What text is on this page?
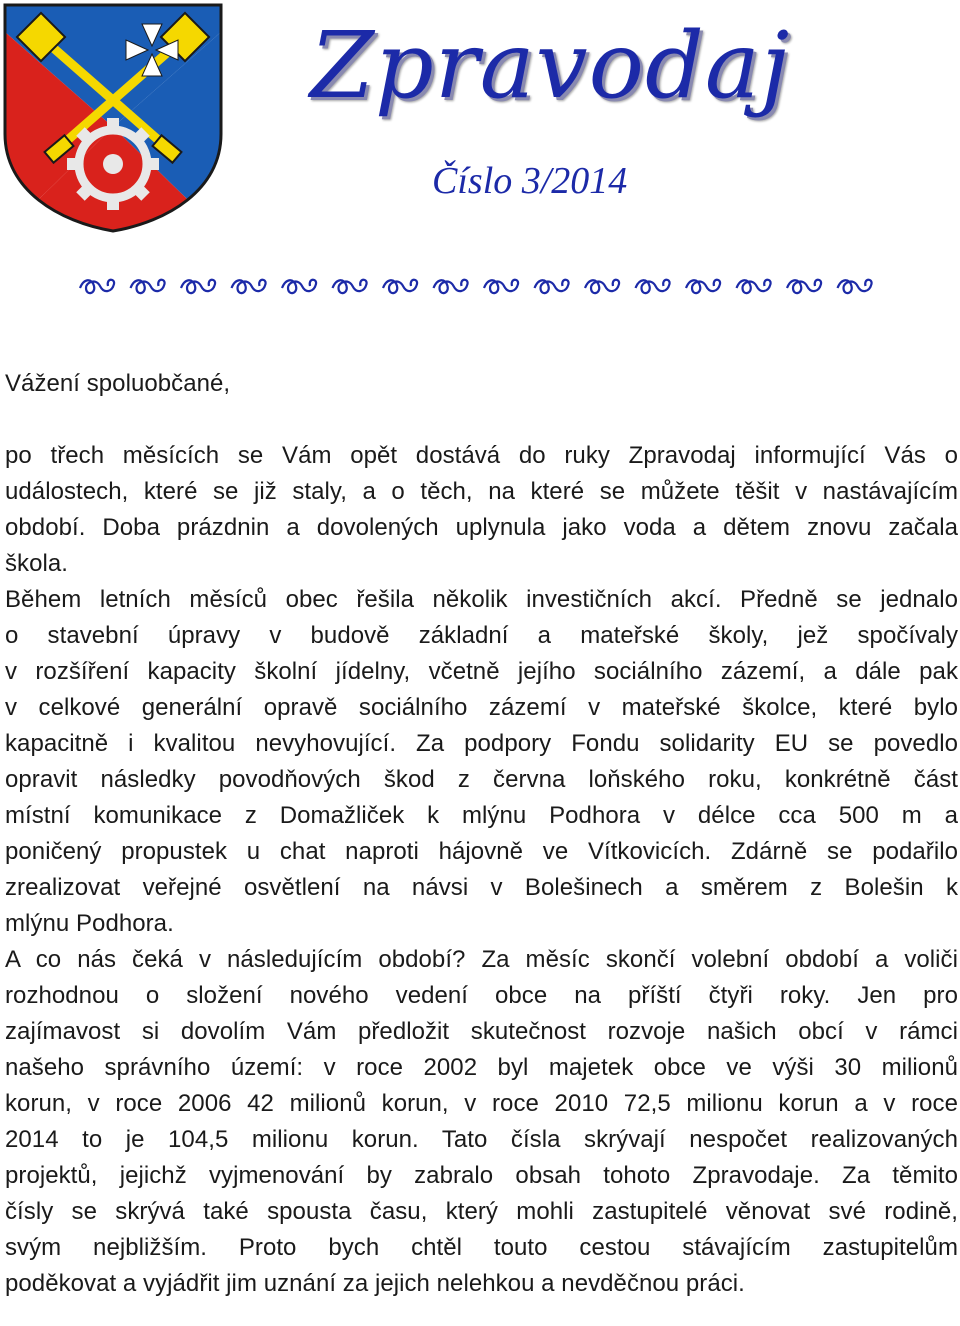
Zpravodaj
Číslo 3/2014
Vážení spoluobčané,
po třech měsících se Vám opět dostává do ruky Zpravodaj informující Vás o
událostech, které se již staly, a o těch, na které se můžete těšit v nastávajícím
období. Doba prázdnin a dovolených uplynula jako voda a dětem znovu začala
škola.
Během letních měsíců obec řešila několik investičních akcí. Předně se jednalo
o stavební úpravy v budově základní a mateřské školy, jež spočívaly
v rozšíření kapacity školní jídelny, včetně jejího sociálního zázemí, a dále pak
v celkové generální opravě sociálního zázemí v mateřské školce, které bylo
kapacitně i kvalitou nevyhovující. Za podpory Fondu solidarity EU se povedlo
opravit následky povodňových škod z června loňského roku, konkrétně část
místní komunikace z Domažliček k mlýnu Podhora v délce cca 500 m a
poničený propustek u chat naproti hájovně ve Vítkovicích. Zdárně se podařilo
zrealizovat veřejné osvětlení na návsi v Bolešinech a směrem z Bolešin k
mlýnu Podhora.
A co nás čeká v následujícím období? Za měsíc skončí volební období a voliči
rozhodnou o složení nového vedení obce na příští čtyři roky. Jen pro
zajímavost si dovolím Vám předložit skutečnost rozvoje našich obcí v rámci
našeho správního území: v roce 2002 byl majetek obce ve výši 30 milionů
korun, v roce 2006 42 milionů korun, v roce 2010 72,5 milionu korun a v roce
2014 to je 104,5 milionu korun. Tato čísla skrývají nespočet realizovaných
projektů, jejichž vyjmenování by zabralo obsah tohoto Zpravodaje. Za těmito
čísly se skrývá také spousta času, který mohli zastupitelé věnovat své rodině,
svým nejbližším. Proto bych chtěl touto cestou stávajícím zastupitelům
poděkovat a vyjádřit jim uznání za jejich nelehkou a nevděčnou práci.
